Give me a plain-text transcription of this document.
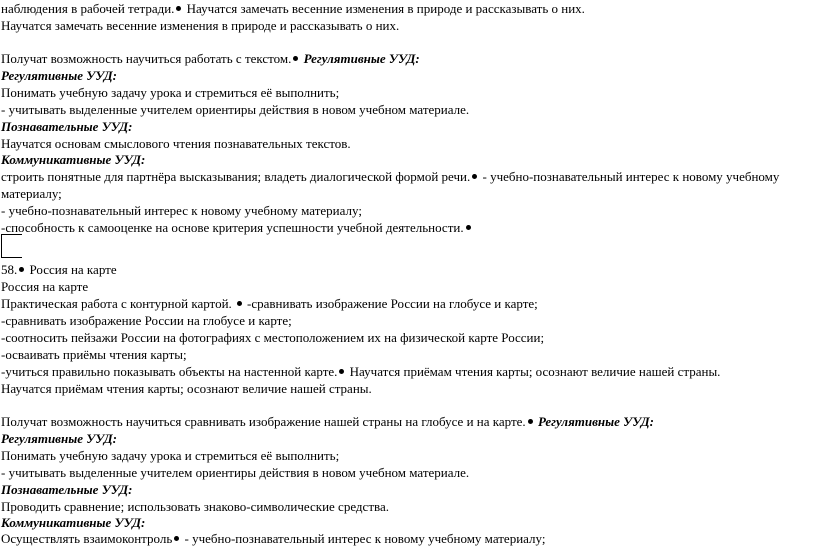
наблюдения в рабочей тетради. Научатся замечать весенние изменения в природе и рассказывать о них.
Научатся замечать весенние изменения в природе и рассказывать о них.
Получат возможность научиться работать с текстом. Регулятивные УУД:
Регулятивные УУД:
Понимать учебную задачу урока и стремиться её выполнить;
- учитывать выделенные учителем ориентиры действия в новом учебном материале.
Познавательные УУД:
Научатся основам смыслового чтения познавательных текстов.
Коммуникативные УУД:
строить понятные для партнёра высказывания; владеть диалогической формой речи. - учебно-познавательный интерес к новому учебному
материалу;
- учебно-познавательный интерес к новому учебному материалу;
-способность к самооценке на основе критерия успешности учебной деятельности.
58. Россия на карте
Россия на карте
Практическая работа с контурной картой. -сравнивать изображение России на глобусе и карте;
-сравнивать изображение России на глобусе и карте;
-соотносить пейзажи России на фотографиях с местоположением их на физической карте России;
-осваивать приёмы чтения карты;
-учиться правильно показывать объекты на настенной карте. Научатся приёмам чтения карты; осознают величие нашей страны.
Научатся приёмам чтения карты; осознают величие нашей страны.
Получат возможность научиться сравнивать изображение нашей страны на глобусе и на карте. Регулятивные УУД:
Регулятивные УУД:
Понимать учебную задачу урока и стремиться её выполнить;
- учитывать выделенные учителем ориентиры действия в новом учебном материале.
Познавательные УУД:
Проводить сравнение; использовать знаково-символические средства.
Коммуникативные УУД:
Осуществлять взаимоконтроль - учебно-познавательный интерес к новому учебному материалу;
